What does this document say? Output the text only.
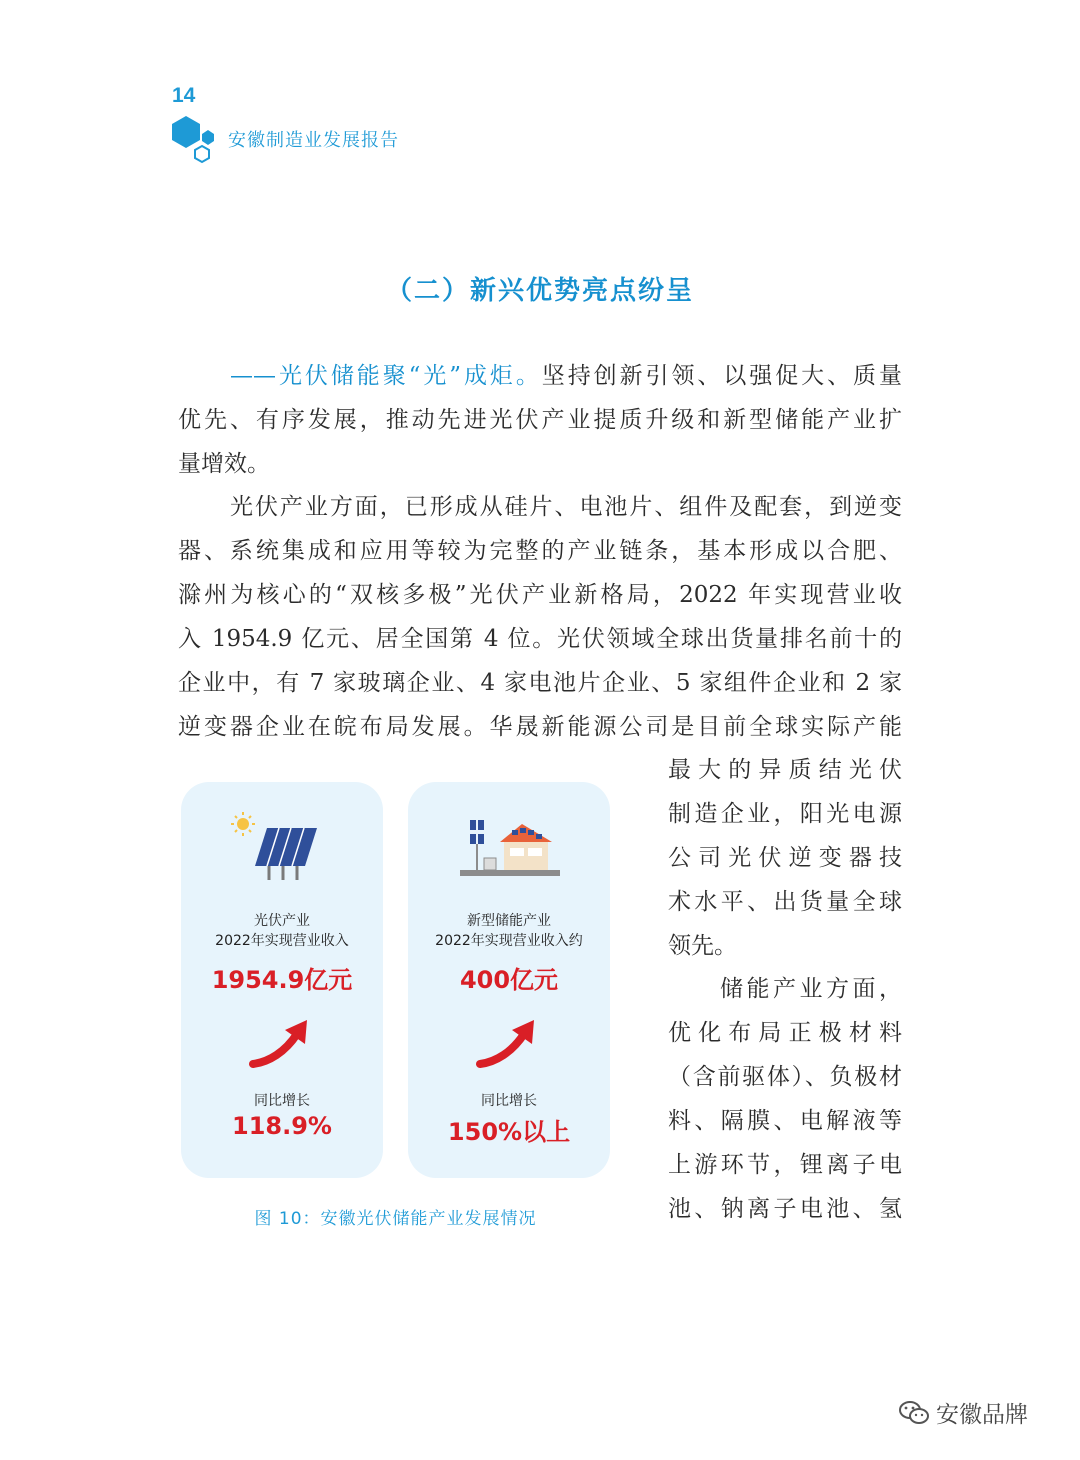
14
安徽制造业发展报告
（二）新兴优势亮点纷呈
——光伏储能聚“光”成炬。坚持创新引领、以强促大、质量
优先、有序发展，推动先进光伏产业提质升级和新型储能产业扩
量增效。
光伏产业方面，已形成从硅片、电池片、组件及配套，到逆变
器、系统集成和应用等较为完整的产业链条，基本形成以合肥、
滁州为核心的“双核多极”光伏产业新格局，2022 年实现营业收
入 1954.9 亿元、居全国第 4 位。光伏领域全球出货量排名前十的
企业中，有 7 家玻璃企业、4 家电池片企业、5 家组件企业和 2 家
逆变器企业在皖布局发展。华晟新能源公司是目前全球实际产能
最大的异质结光伏
制造企业，阳光电源
公司光伏逆变器技
术水平、出货量全球
领先。
储能产业方面，
优化布局正极材料
（含前驱体）、负极材
料、隔膜、电解液等
上游环节，锂离子电
池、钠离子电池、氢
光伏产业
2022年实现营业收入
1954.9亿元
同比增长
118.9%
新型储能产业
2022年实现营业收入约
400亿元
同比增长
150%以上
图 10：安徽光伏储能产业发展情况
安徽品牌
